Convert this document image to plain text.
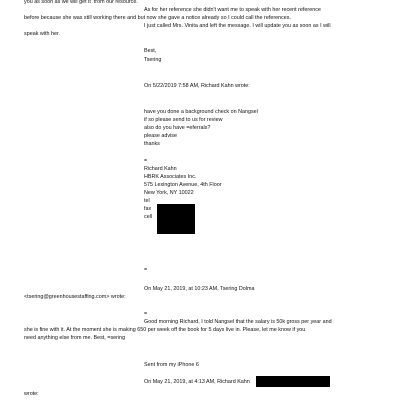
you as soon as we will get it  from our resource.
As for her reference she didn't want me to speak with her recent reference
before because she was still working there and but now she gave a notice already so I could call the references.
I just called Mrs. Vinita and left the message. I will update you as soon as I will
speak with her.
Best,
Tsering
On 5/22/2019 7:58 AM, Richard Kahn wrote:
have you done a background check on Nangsel
if so please send to us for review
also do you have =eferrals?
please advise
thanks
=
Richard Kahn
HBRK Associates Inc.
575 Lexington Avenue, 4th Floor
New York, NY 10022
tel
fax
cell
=
On May 21, 2019, at 10:23 AM, Tsering Dolma
<tsering@greenhousestaffing.com> wrote:
=
Good morning Richard, I told Nangsel that the salary is 50k gross per year and
she is fine with it. At the moment she is making 650 per week off the book for 5 days live in. Please, let me know if you
need anything else from me. Best, =sering
Sent from my iPhone 6
On May 21, 2019, at 4:13 AM, Richard Kahn
wrote:
